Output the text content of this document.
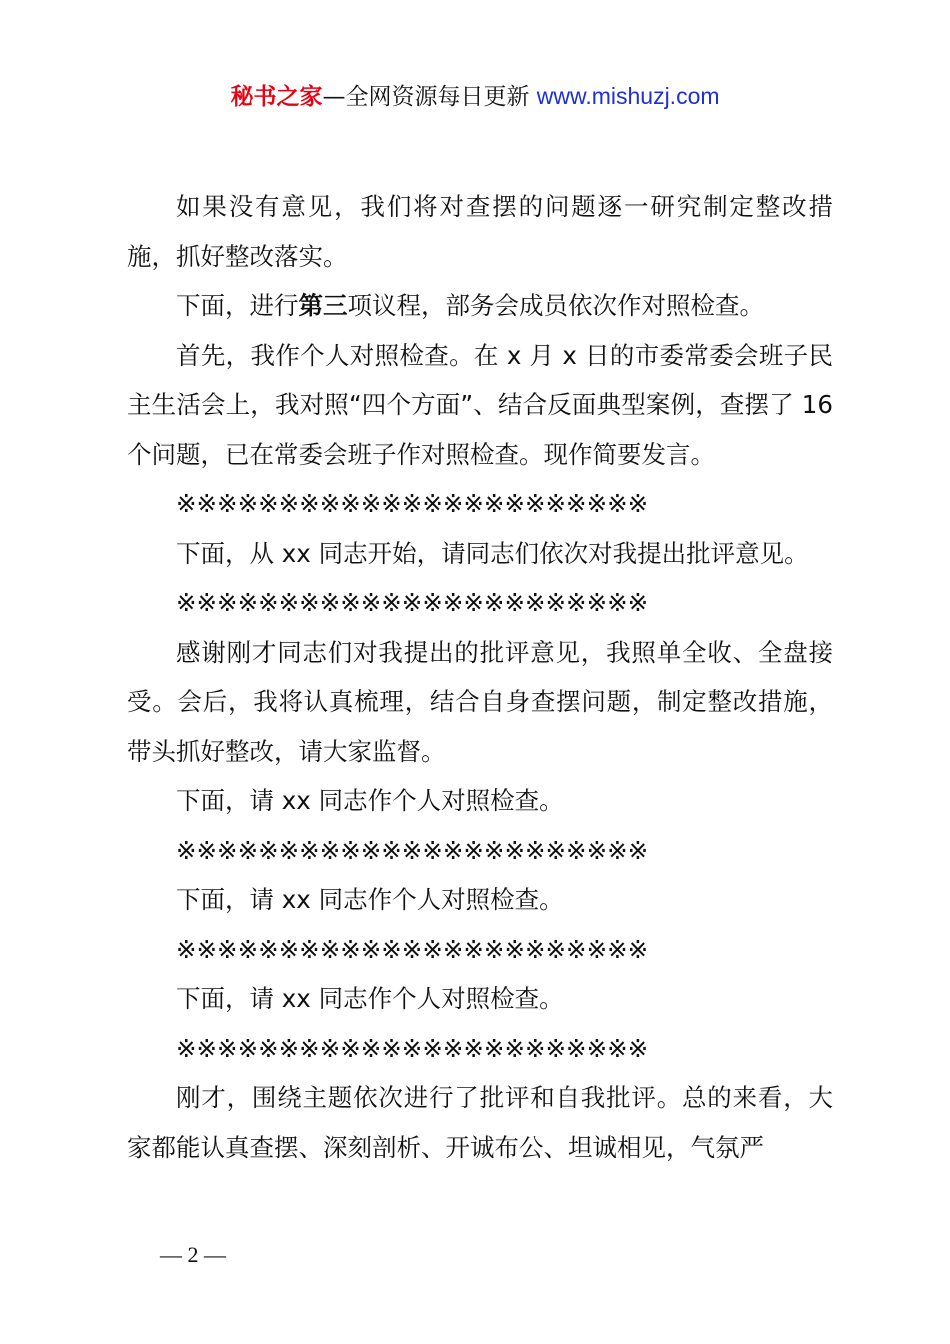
秘书之家—全网资源每日更新 www.mishuzj.com

如果没有意见，我们将对查摆的问题逐一研究制定整改措施，抓好整改落实。

下面，进行第三项议程，部务会成员依次作对照检查。

首先，我作个人对照检查。在 x 月 x 日的市委常委会班子民主生活会上，我对照“四个方面”、结合反面典型案例，查摆了 16 个问题，已在常委会班子作对照检查。现作简要发言。

※※※※※※※※※※※※※※※※※※※※※※※

下面，从 xx 同志开始，请同志们依次对我提出批评意见。

※※※※※※※※※※※※※※※※※※※※※※※

感谢刚才同志们对我提出的批评意见，我照单全收、全盘接受。会后，我将认真梳理，结合自身查摆问题，制定整改措施，带头抓好整改，请大家监督。

下面，请 xx 同志作个人对照检查。

※※※※※※※※※※※※※※※※※※※※※※※

下面，请 xx 同志作个人对照检查。

※※※※※※※※※※※※※※※※※※※※※※※

下面，请 xx 同志作个人对照检查。

※※※※※※※※※※※※※※※※※※※※※※※

刚才，围绕主题依次进行了批评和自我批评。总的来看，大家都能认真查摆、深刻剖析、开诚布公、坦诚相见，气氛严

— 2 —
